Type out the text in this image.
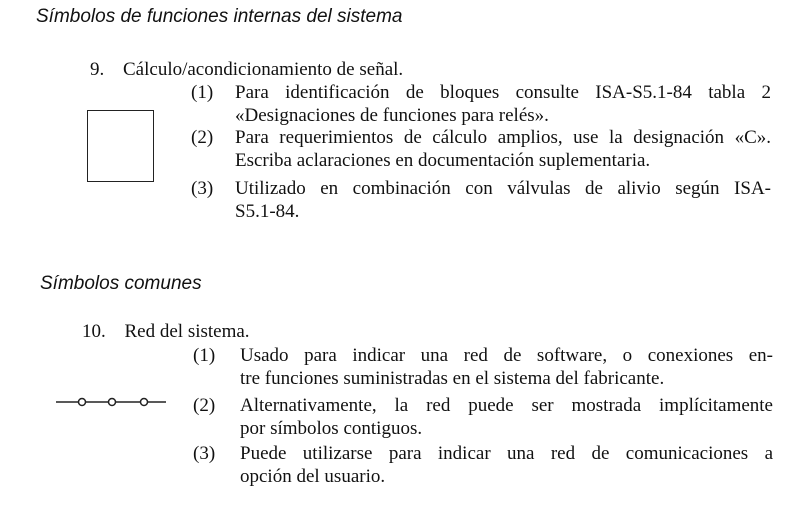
Símbolos de funciones internas del sistema
9. Cálculo/acondicionamiento de señal.
(1) Para identificación de bloques consulte ISA-S5.1-84 tabla 2
«Designaciones de funciones para relés».
(2) Para requerimientos de cálculo amplios, use la designación «C».
Escriba aclaraciones en documentación suplementaria.
(3) Utilizado en combinación con válvulas de alivio según ISA-
S5.1-84.
Símbolos comunes
10. Red del sistema.
(1) Usado para indicar una red de software, o conexiones en-
tre funciones suministradas en el sistema del fabricante.
(2) Alternativamente, la red puede ser mostrada implícitamente
por símbolos contiguos.
(3) Puede utilizarse para indicar una red de comunicaciones a
opción del usuario.
